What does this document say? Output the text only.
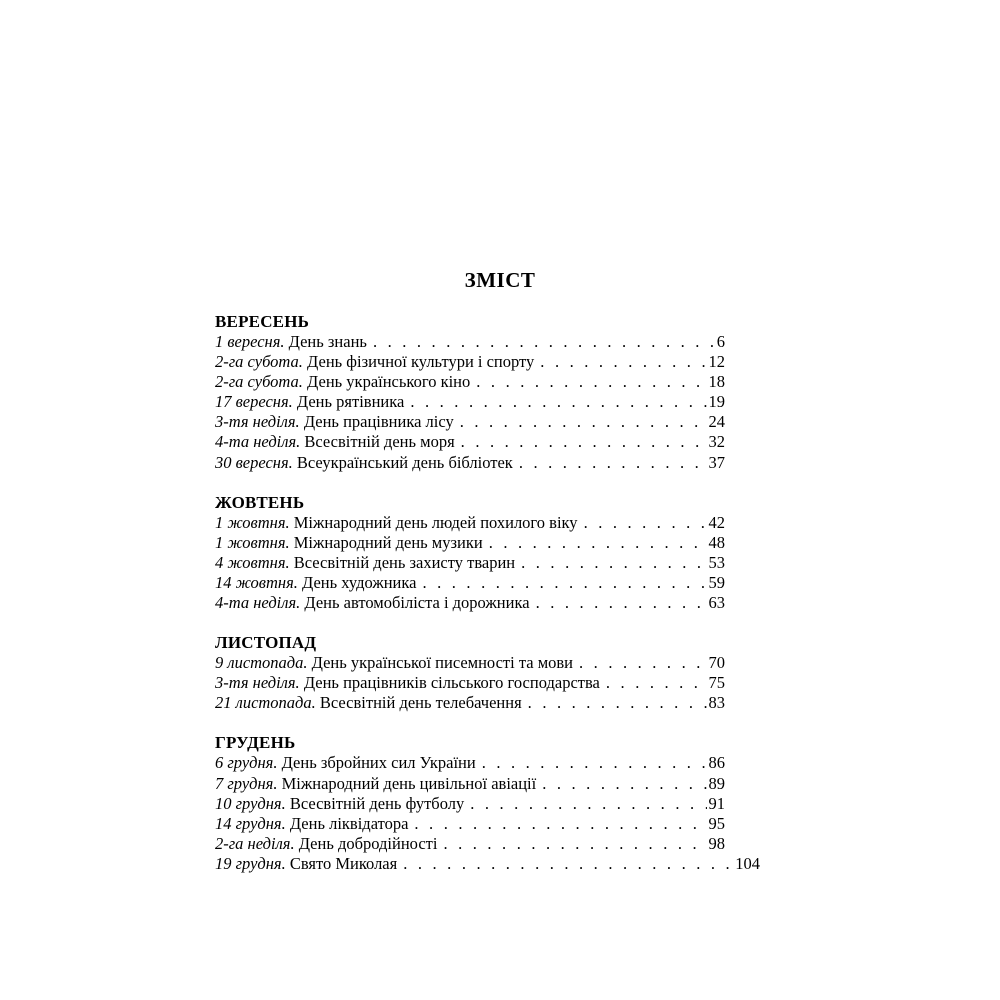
ЗМІСТ
ВЕРЕСЕНЬ
1 вересня. День знань . . .	6
2-га субота. День фізичної культури і спорту . . .	12
2-га субота. День українського кіно . . .	18
17 вересня. День рятівника . . .	19
3-тя неділя. День працівника лісу . . .	24
4-та неділя. Всесвітній день моря . . .	32
30 вересня. Всеукраїнський день бібліотек . . .	37
ЖОВТЕНЬ
1 жовтня. Міжнародний день людей похилого віку . . .	42
1 жовтня. Міжнародний день музики . . .	48
4 жовтня. Всесвітній день захисту тварин . . .	53
14 жовтня. День художника . . .	59
4-та неділя. День автомобіліста і дорожника . . .	63
ЛИСТОПАД
9 листопада. День української писемності та мови . . .	70
3-тя неділя. День працівників сільського господарства . . .	75
21 листопада. Всесвітній день телебачення . . .	83
ГРУДЕНЬ
6 грудня. День збройних сил України . . .	86
7 грудня. Міжнародний день цивільної авіації . . .	89
10 грудня. Всесвітній день футболу . . .	91
14 грудня. День ліквідатора . . .	95
2-га неділя. День добродійності . . .	98
19 грудня. Свято Миколая . . .	104
